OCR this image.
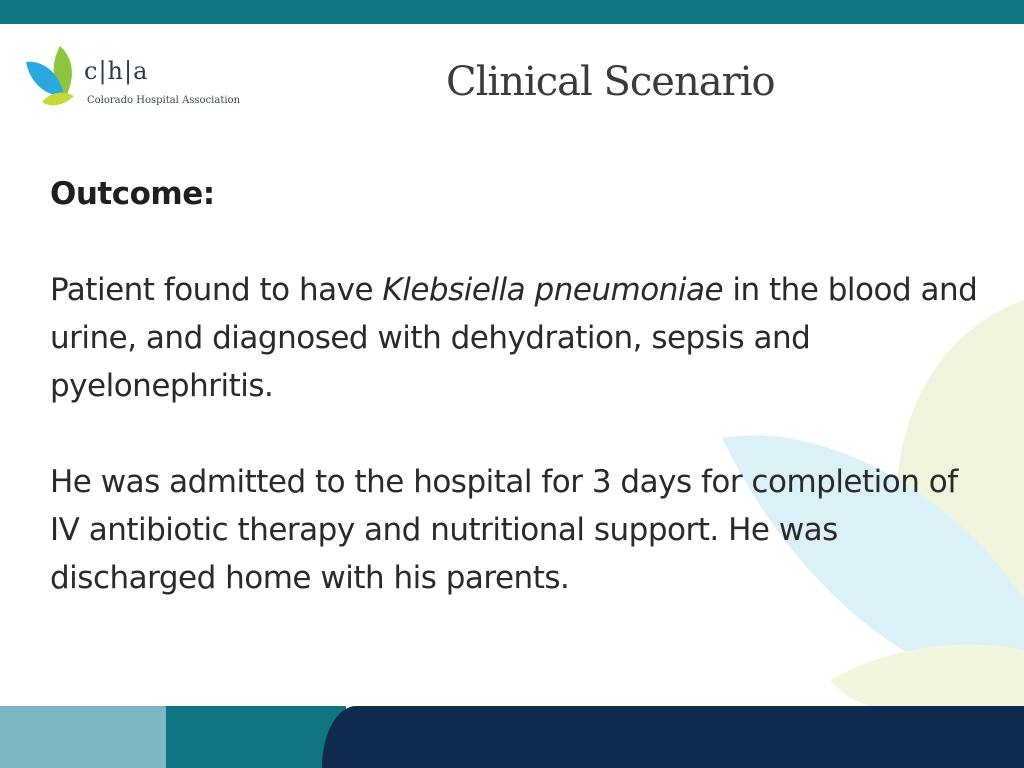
c|h|a
Colorado Hospital Association	Clinical Scenario

Outcome:

Patient found to have Klebsiella pneumoniae in the blood and urine, and diagnosed with dehydration, sepsis and pyelonephritis.

He was admitted to the hospital for 3 days for completion of IV antibiotic therapy and nutritional support. He was discharged home with his parents.
